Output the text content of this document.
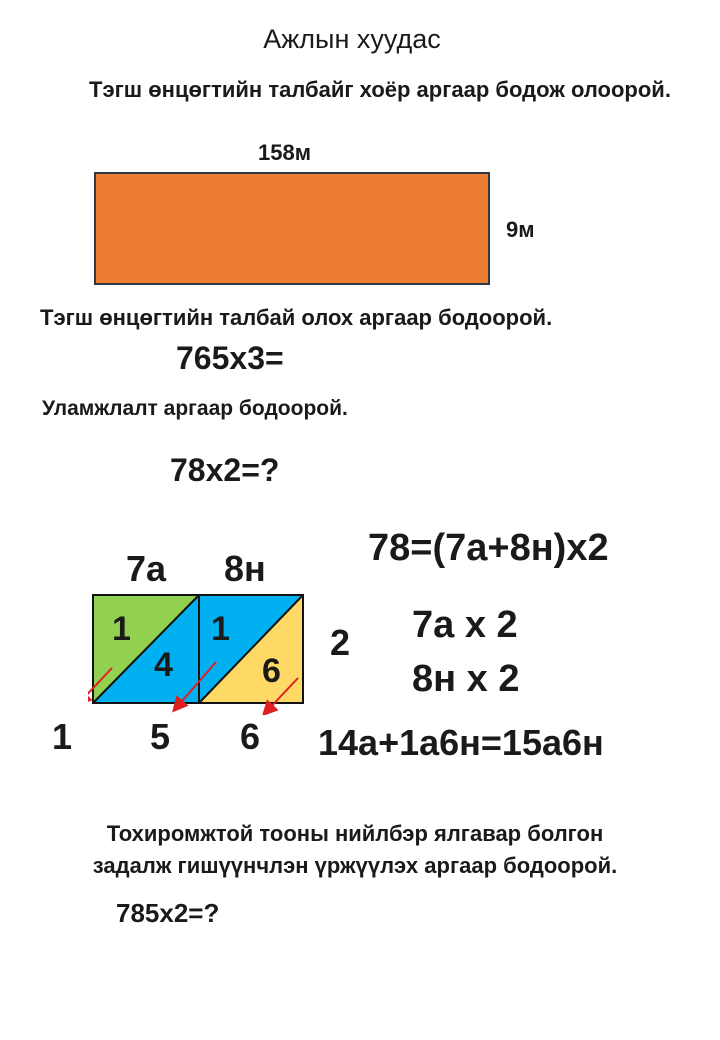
Ажлын хуудас
Тэгш өнцөгтийн талбайг хоёр аргаар бодож олоорой.
158м
9м
Тэгш өнцөгтийн талбай олох аргаар бодоорой.
765х3=
Уламжлалт аргаар бодоорой.
78х2=?
7а 8н
2
1
4
1
6
1 5 6
78=(7а+8н)х2
7а х 2
8н х 2
14а+1а6н=15а6н
Тохиромжтой тооны нийлбэр ялгавар болгон
задалж гишүүнчлэн үржүүлэх аргаар бодоорой.
785х2=?
